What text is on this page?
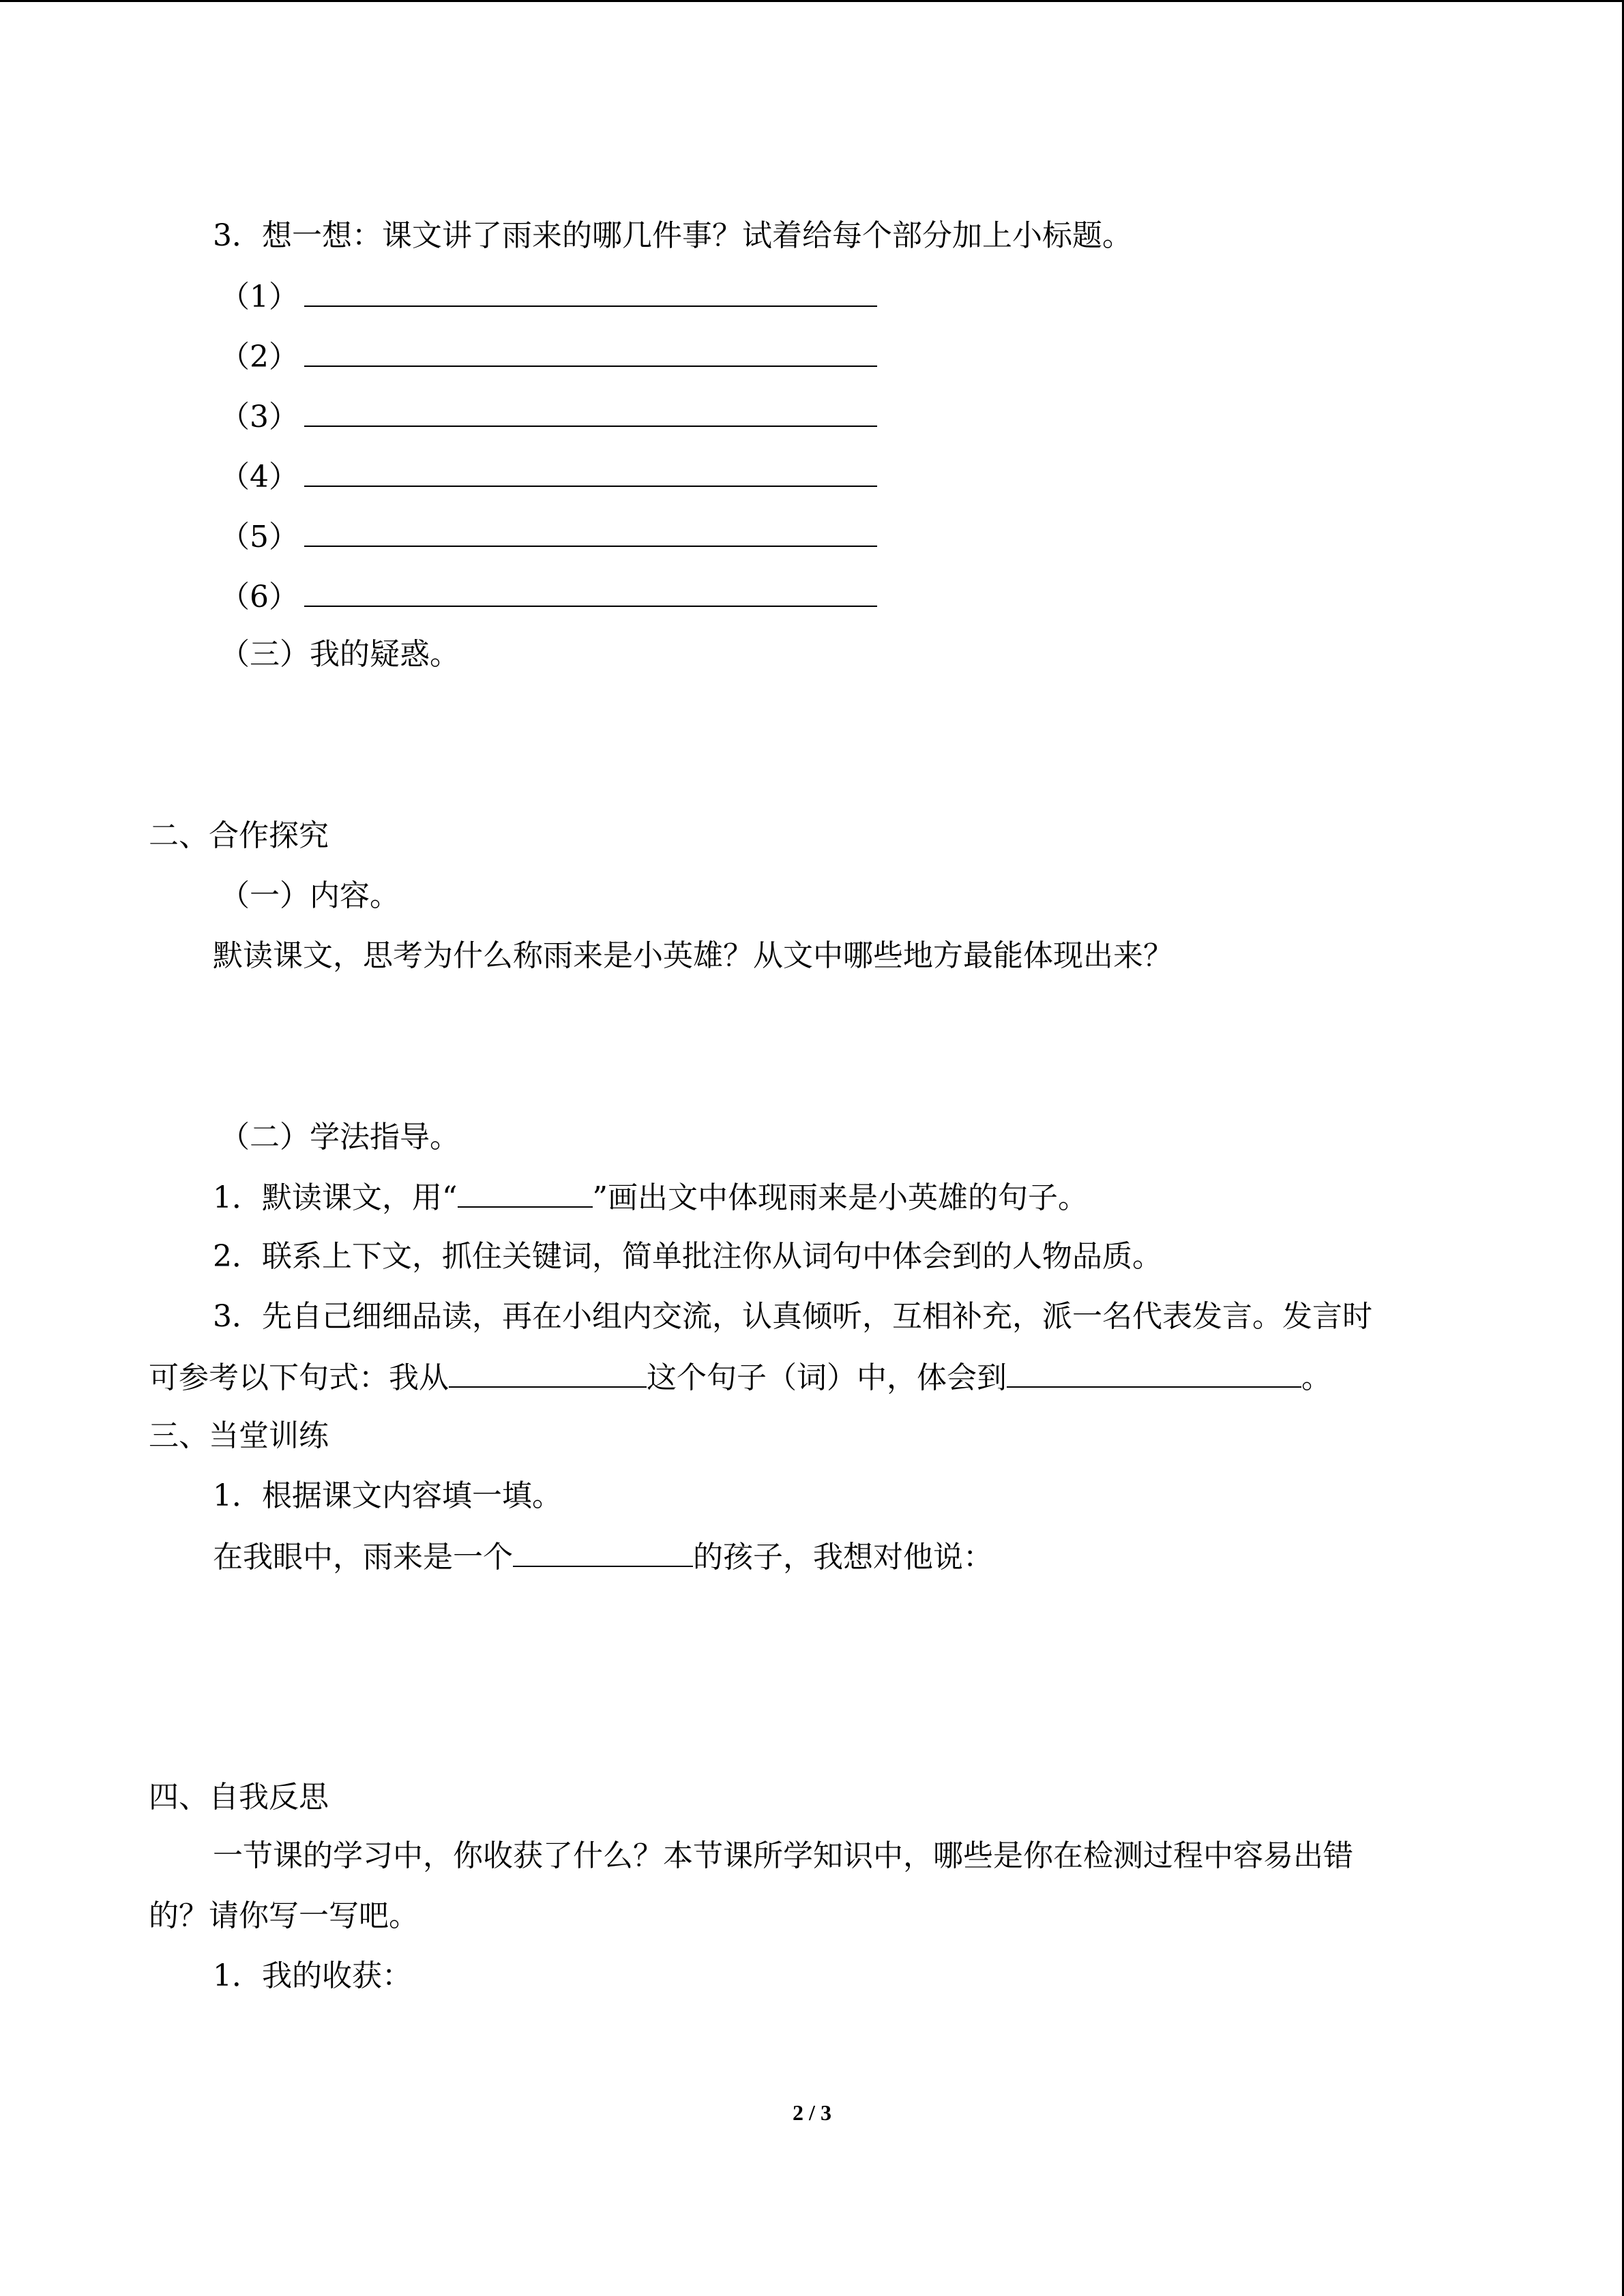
3．想一想：课文讲了雨来的哪几件事？试着给每个部分加上小标题。
（1）
（2）
（3）
（4）
（5）
（6）
（三）我的疑惑。
二、合作探究
（一）内容。
默读课文，思考为什么称雨来是小英雄？从文中哪些地方最能体现出来？
（二）学法指导。
1．默读课文，用“	”画出文中体现雨来是小英雄的句子。
2．联系上下文，抓住关键词，简单批注你从词句中体会到的人物品质。
3．先自己细细品读，再在小组内交流，认真倾听，互相补充，派一名代表发言。发言时
可参考以下句式：我从	这个句子（词）中，体会到	。
三、当堂训练
1．根据课文内容填一填。
在我眼中，雨来是一个	的孩子，我想对他说：
四、自我反思
一节课的学习中，你收获了什么？本节课所学知识中，哪些是你在检测过程中容易出错
的？请你写一写吧。
1．我的收获：
2 / 3
